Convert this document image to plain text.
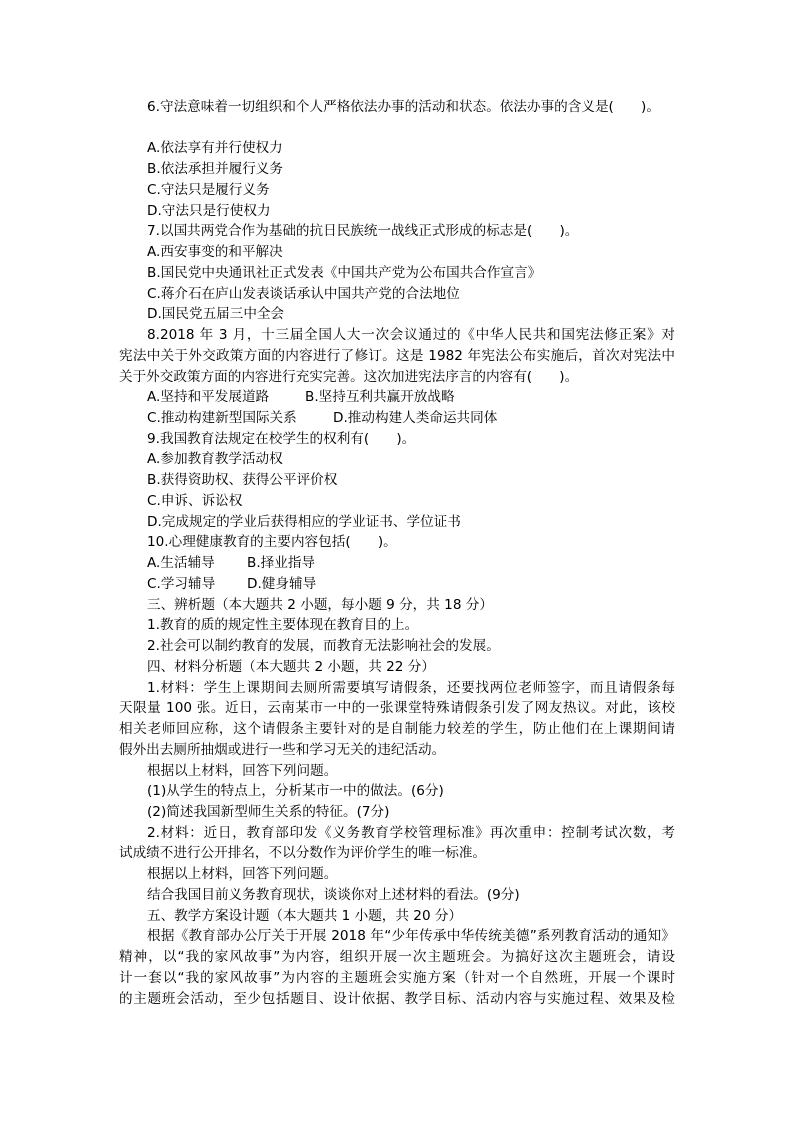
6.守法意味着一切组织和个人严格依法办事的活动和状态。依法办事的含义是(　　)。
A.依法享有并行使权力
B.依法承担并履行义务
C.守法只是履行义务
D.守法只是行使权力
7.以国共两党合作为基础的抗日民族统一战线正式形成的标志是(　　)。
A.西安事变的和平解决
B.国民党中央通讯社正式发表《中国共产党为公布国共合作宣言》
C.蒋介石在庐山发表谈话承认中国共产党的合法地位
D.国民党五届三中全会
8.2018 年 3 月，十三届全国人大一次会议通过的《中华人民共和国宪法修正案》对
宪法中关于外交政策方面的内容进行了修订。这是 1982 年宪法公布实施后，首次对宪法中
关于外交政策方面的内容进行充实完善。这次加进宪法序言的内容有(　　)。
A.坚持和平发展道路	B.坚持互利共赢开放战略
C.推动构建新型国际关系	D.推动构建人类命运共同体
9.我国教育法规定在校学生的权利有(　　)。
A.参加教育教学活动权
B.获得资助权、获得公平评价权
C.申诉、诉讼权
D.完成规定的学业后获得相应的学业证书、学位证书
10.心理健康教育的主要内容包括(　　)。
A.生活辅导 B.择业指导
C.学习辅导 D.健身辅导
三、辨析题（本大题共 2 小题，每小题 9 分，共 18 分）
1.教育的质的规定性主要体现在教育目的上。
2.社会可以制约教育的发展，而教育无法影响社会的发展。
四、材料分析题（本大题共 2 小题，共 22 分）
1.材料：学生上课期间去厕所需要填写请假条，还要找两位老师签字，而且请假条每
天限量 100 张。近日，云南某市一中的一张课堂特殊请假条引发了网友热议。对此，该校
相关老师回应称，这个请假条主要针对的是自制能力较差的学生，防止他们在上课期间请
假外出去厕所抽烟或进行一些和学习无关的违纪活动。
根据以上材料，回答下列问题。
(1)从学生的特点上，分析某市一中的做法。(6分)
(2)简述我国新型师生关系的特征。(7分)
2.材料：近日，教育部印发《义务教育学校管理标准》再次重申：控制考试次数，考
试成绩不进行公开排名，不以分数作为评价学生的唯一标准。
根据以上材料，回答下列问题。
结合我国目前义务教育现状，谈谈你对上述材料的看法。(9分)
五、教学方案设计题（本大题共 1 小题，共 20 分）
根据《教育部办公厅关于开展 2018 年“少年传承中华传统美德”系列教育活动的通知》
精神，以“我的家风故事”为内容，组织开展一次主题班会。为搞好这次主题班会，请设
计一套以“我的家风故事”为内容的主题班会实施方案（针对一个自然班，开展一个课时
的主题班会活动，至少包括题目、设计依据、教学目标、活动内容与实施过程、效果及检
